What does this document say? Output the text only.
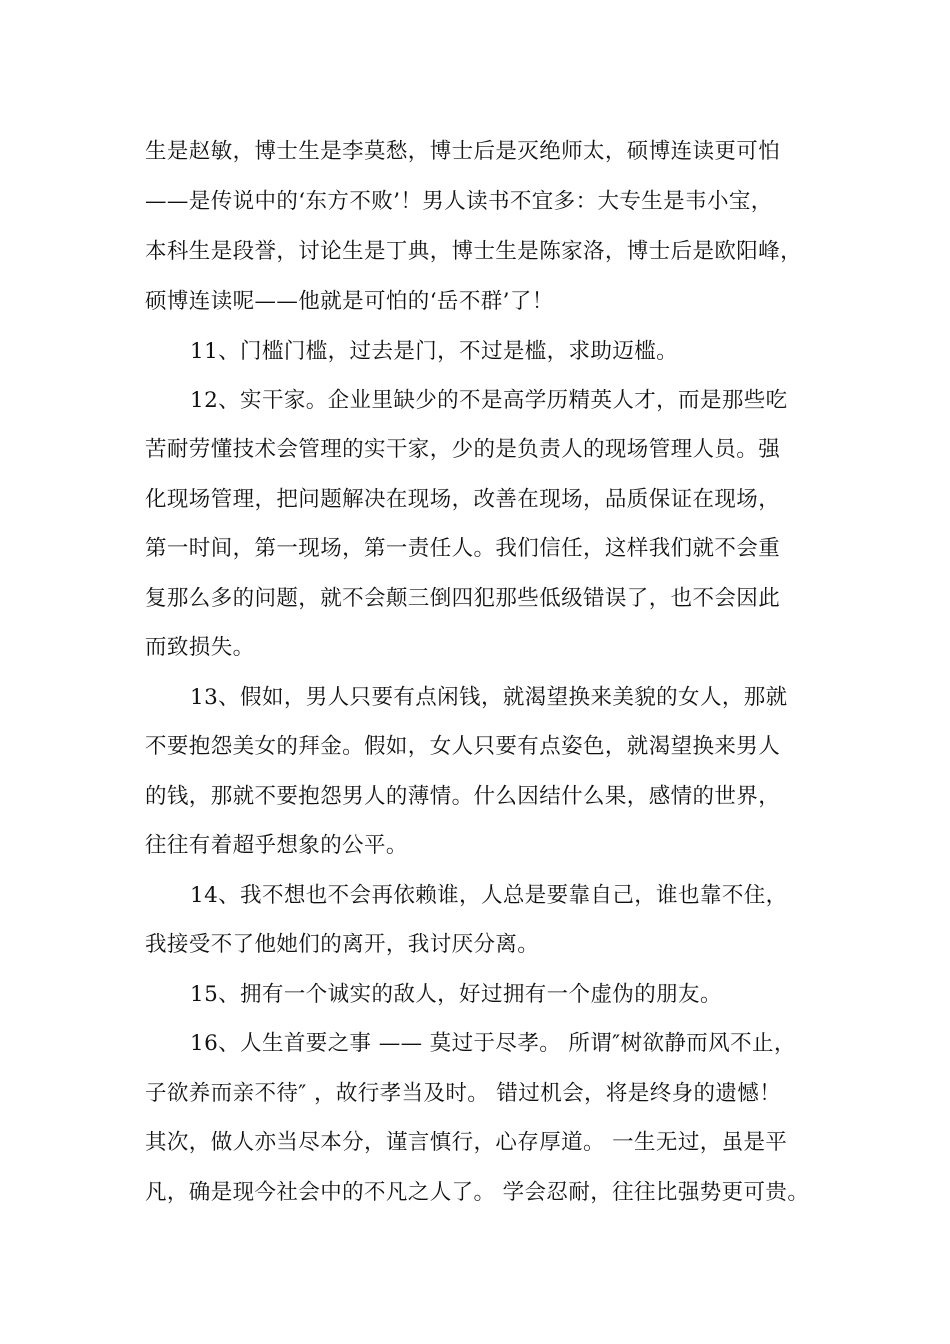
生是赵敏，博士生是李莫愁，博士后是灭绝师太，硕博连读更可怕
——是传说中的‘东方不败’！男人读书不宜多：大专生是韦小宝，
本科生是段誉，讨论生是丁典，博士生是陈家洛，博士后是欧阳峰，
硕博连读呢——他就是可怕的‘岳不群’了！
11、门槛门槛，过去是门，不过是槛，求助迈槛。
12、实干家。企业里缺少的不是高学历精英人才，而是那些吃
苦耐劳懂技术会管理的实干家，少的是负责人的现场管理人员。强
化现场管理，把问题解决在现场，改善在现场，品质保证在现场，
第一时间，第一现场，第一责任人。我们信任，这样我们就不会重
复那么多的问题，就不会颠三倒四犯那些低级错误了，也不会因此
而致损失。
13、假如，男人只要有点闲钱，就渴望换来美貌的女人，那就
不要抱怨美女的拜金。假如，女人只要有点姿色，就渴望换来男人
的钱，那就不要抱怨男人的薄情。什么因结什么果，感情的世界，
往往有着超乎想象的公平。
14、我不想也不会再依赖谁，人总是要靠自己，谁也靠不住，
我接受不了他她们的离开，我讨厌分离。
15、拥有一个诚实的敌人，好过拥有一个虚伪的朋友。
16、人生首要之事 —— 莫过于尽孝。 所谓″树欲静而风不止，
子欲养而亲不待″ ，故行孝当及时。 错过机会，将是终身的遗憾！
其次，做人亦当尽本分，谨言慎行，心存厚道。 一生无过，虽是平
凡，确是现今社会中的不凡之人了。 学会忍耐，往往比强势更可贵。
